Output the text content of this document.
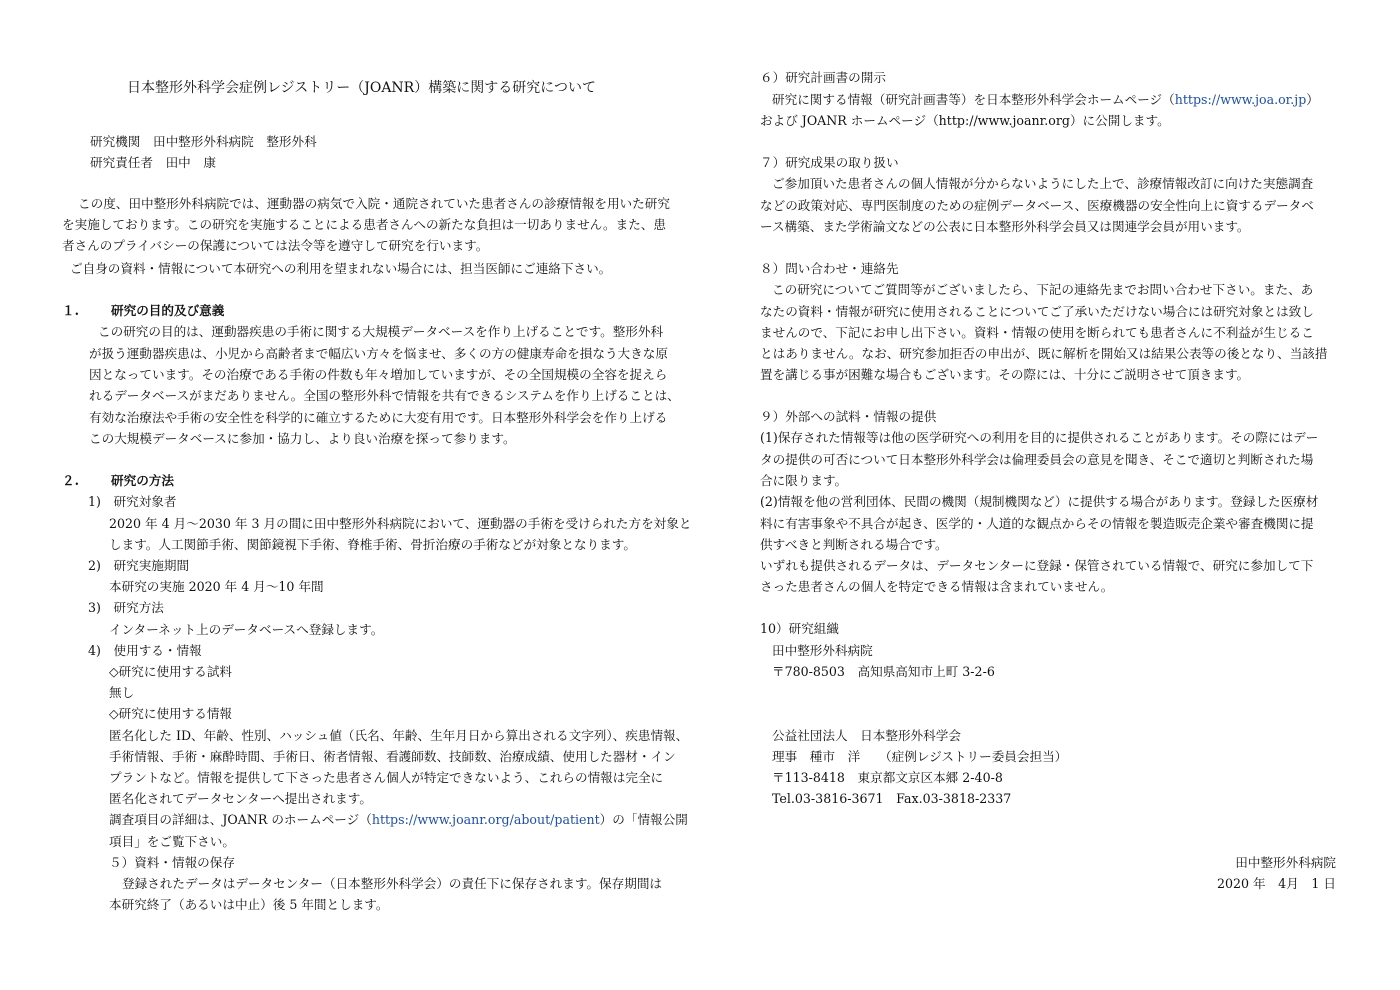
日本整形外科学会症例レジストリー（JOANR）構築に関する研究について
研究機関　田中整形外科病院　整形外科
研究責任者　田中　康
この度、田中整形外科病院では、運動器の病気で入院・通院されていた患者さんの診療情報を用いた研究
を実施しております。この研究を実施することによる患者さんへの新たな負担は一切ありません。また、患
者さんのプライバシーの保護については法令等を遵守して研究を行います。
ご自身の資料・情報について本研究への利用を望まれない場合には、担当医師にご連絡下さい。
１.	研究の目的及び意義
この研究の目的は、運動器疾患の手術に関する大規模データベースを作り上げることです。整形外科
が扱う運動器疾患は、小児から高齢者まで幅広い方々を悩ませ、多くの方の健康寿命を損なう大きな原
因となっています。その治療である手術の件数も年々増加していますが、その全国規模の全容を捉えら
れるデータベースがまだありません。全国の整形外科で情報を共有できるシステムを作り上げることは、
有効な治療法や手術の安全性を科学的に確立するために大変有用です。日本整形外科学会を作り上げる
この大規模データベースに参加・協力し、より良い治療を探って参ります。
２.	研究の方法
1)　研究対象者
2020 年 4 月～2030 年 3 月の間に田中整形外科病院において、運動器の手術を受けられた方を対象と
します。人工関節手術、関節鏡視下手術、脊椎手術、骨折治療の手術などが対象となります。
2)　研究実施期間
本研究の実施 2020 年 4 月～10 年間
3)　研究方法
インターネット上のデータベースへ登録します。
4)　使用する・情報
◇研究に使用する試料
無し
◇研究に使用する情報
匿名化した ID、年齢、性別、ハッシュ値（氏名、年齢、生年月日から算出される文字列）、疾患情報、
手術情報、手術・麻酔時間、手術日、術者情報、看護師数、技師数、治療成績、使用した器材・イン
プラントなど。情報を提供して下さった患者さん個人が特定できないよう、これらの情報は完全に
匿名化されてデータセンターへ提出されます。
調査項目の詳細は、JOANR のホームページ（https://www.joanr.org/about/patient）の「情報公開
項目」をご覧下さい。
５）資料・情報の保存
登録されたデータはデータセンター（日本整形外科学会）の責任下に保存されます。保存期間は
本研究終了（あるいは中止）後 5 年間とします。
６）研究計画書の開示
研究に関する情報（研究計画書等）を日本整形外科学会ホームページ（https://www.joa.or.jp）
および JOANR ホームページ（http://www.joanr.org）に公開します。
７）研究成果の取り扱い
ご参加頂いた患者さんの個人情報が分からないようにした上で、診療情報改訂に向けた実態調査
などの政策対応、専門医制度のための症例データベース、医療機器の安全性向上に資するデータベ
ース構築、また学術論文などの公表に日本整形外科学会員又は関連学会員が用います。
８）問い合わせ・連絡先
この研究についてご質問等がございましたら、下記の連絡先までお問い合わせ下さい。また、あ
なたの資料・情報が研究に使用されることについてご了承いただけない場合には研究対象とは致し
ませんので、下記にお申し出下さい。資料・情報の使用を断られても患者さんに不利益が生じるこ
とはありません。なお、研究参加拒否の申出が、既に解析を開始又は結果公表等の後となり、当該措
置を講じる事が困難な場合もございます。その際には、十分にご説明させて頂きます。
９）外部への試料・情報の提供
(1)保存された情報等は他の医学研究への利用を目的に提供されることがあります。その際にはデー
タの提供の可否について日本整形外科学会は倫理委員会の意見を聞き、そこで適切と判断された場
合に限ります。
(2)情報を他の営利団体、民間の機関（規制機関など）に提供する場合があります。登録した医療材
料に有害事象や不具合が起き、医学的・人道的な観点からその情報を製造販売企業や審査機関に提
供すべきと判断される場合です。
いずれも提供されるデータは、データセンターに登録・保管されている情報で、研究に参加して下
さった患者さんの個人を特定できる情報は含まれていません。
10）研究組織
田中整形外科病院
〒780-8503　高知県高知市上町 3-2-6
公益社団法人　日本整形外科学会
理事　種市　洋　　（症例レジストリー委員会担当）
〒113-8418　東京都文京区本郷 2-40-8
Tel.03-3816-3671　Fax.03-3818-2337
田中整形外科病院
2020 年　4月　1 日
